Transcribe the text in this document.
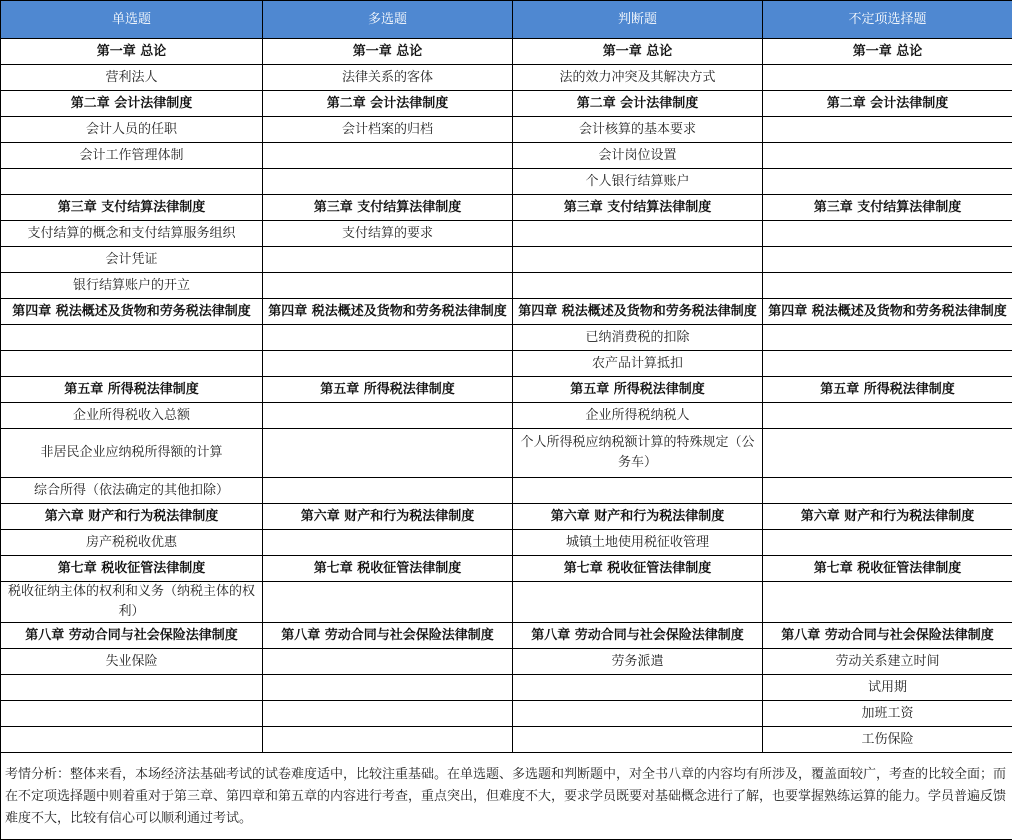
单选题	多选题	判断题	不定项选择题
第一章 总论	第一章 总论	第一章 总论	第一章 总论
营利法人	法律关系的客体	法的效力冲突及其解决方式	
第二章 会计法律制度	第二章 会计法律制度	第二章 会计法律制度	第二章 会计法律制度
会计人员的任职	会计档案的归档	会计核算的基本要求	
会计工作管理体制		会计岗位设置	
		个人银行结算账户	
第三章 支付结算法律制度	第三章 支付结算法律制度	第三章 支付结算法律制度	第三章 支付结算法律制度
支付结算的概念和支付结算服务组织	支付结算的要求		
会计凭证			
银行结算账户的开立			
第四章 税法概述及货物和劳务税法律制度	第四章 税法概述及货物和劳务税法律制度	第四章 税法概述及货物和劳务税法律制度	第四章 税法概述及货物和劳务税法律制度
		已纳消费税的扣除	
		农产品计算抵扣	
第五章 所得税法律制度	第五章 所得税法律制度	第五章 所得税法律制度	第五章 所得税法律制度
企业所得税收入总额		企业所得税纳税人	
非居民企业应纳税所得额的计算		个人所得税应纳税额计算的特殊规定（公务车）	
综合所得（依法确定的其他扣除）			
第六章 财产和行为税法律制度	第六章 财产和行为税法律制度	第六章 财产和行为税法律制度	第六章 财产和行为税法律制度
房产税税收优惠		城镇土地使用税征收管理	
第七章 税收征管法律制度	第七章 税收征管法律制度	第七章 税收征管法律制度	第七章 税收征管法律制度
税收征纳主体的权利和义务（纳税主体的权利）			
第八章 劳动合同与社会保险法律制度	第八章 劳动合同与社会保险法律制度	第八章 劳动合同与社会保险法律制度	第八章 劳动合同与社会保险法律制度
失业保险		劳务派遣	劳动关系建立时间
			试用期
			加班工资
			工伤保险
考情分析：整体来看，本场经济法基础考试的试卷难度适中，比较注重基础。在单选题、多选题和判断题中，对全书八章的内容均有所涉及，覆盖面较广，考查的比较全面；而在不定项选择题中则着重对于第三章、第四章和第五章的内容进行考查，重点突出，但难度不大，要求学员既要对基础概念进行了解，也要掌握熟练运算的能力。学员普遍反馈难度不大，比较有信心可以顺利通过考试。			
